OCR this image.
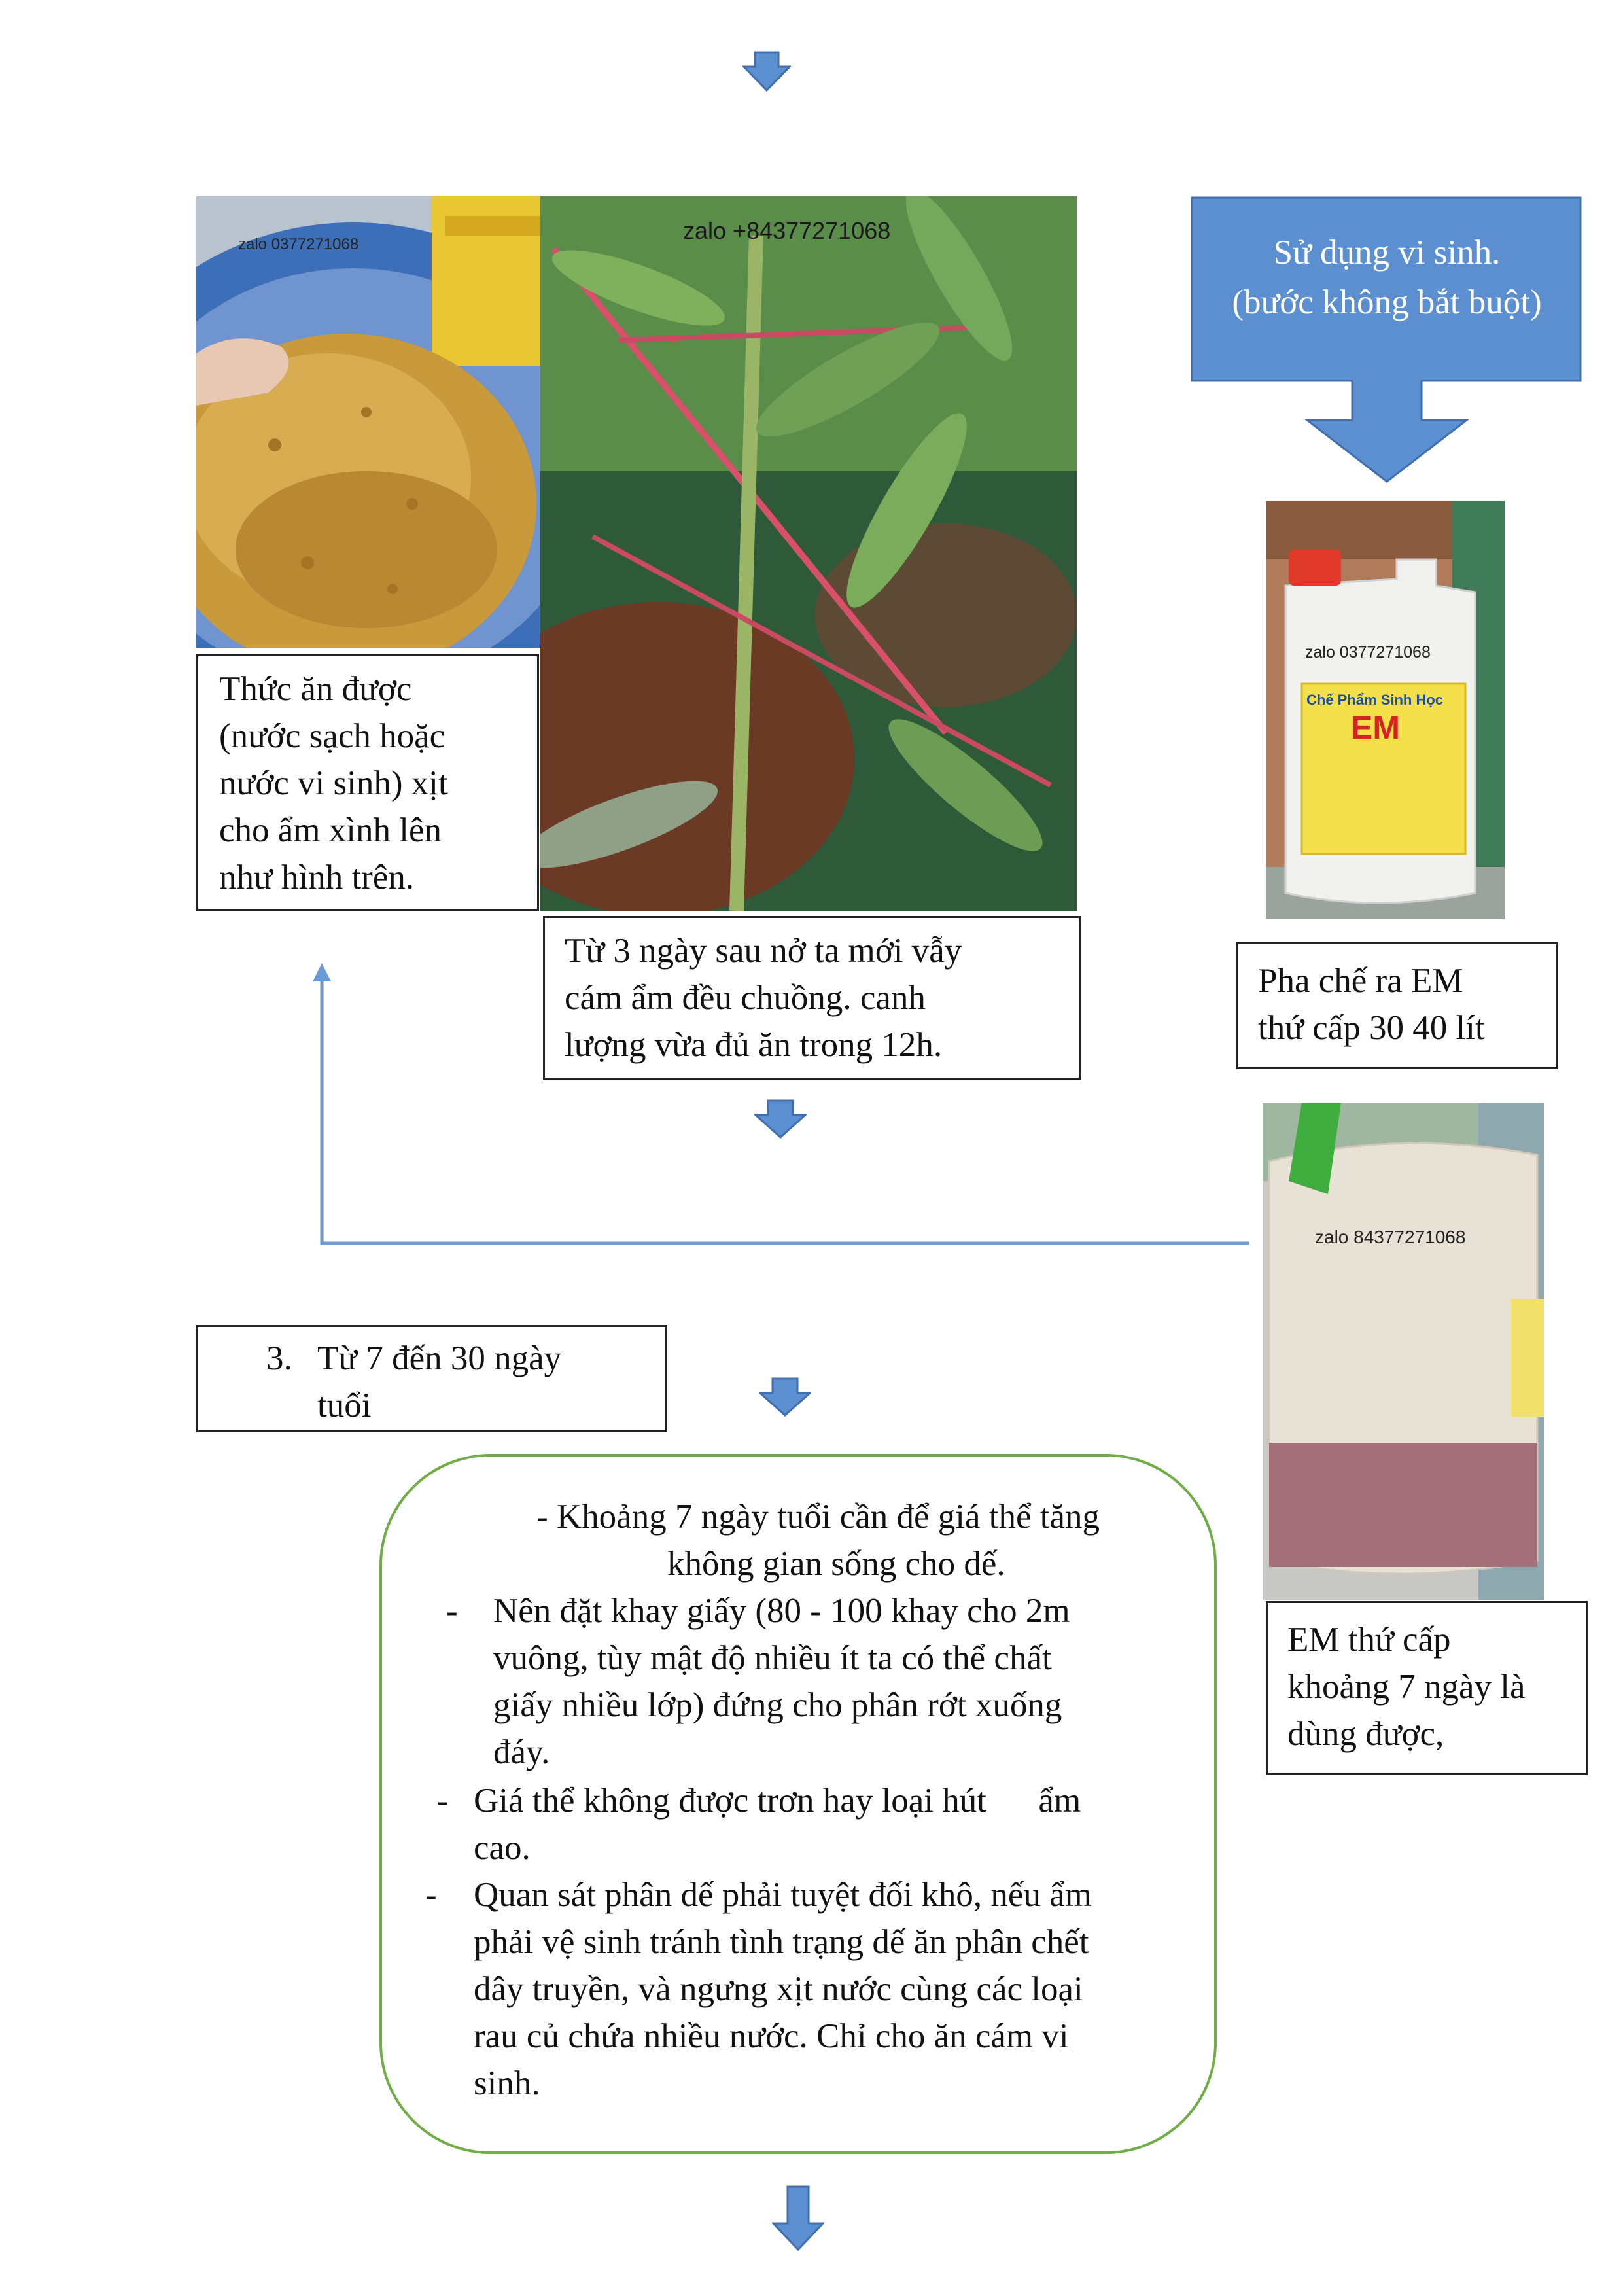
zalo 0377271068
zalo +84377271068
Thức ăn được
(nước sạch hoặc
nước vi sinh) xịt
cho ẩm xình lên
như hình trên.
Từ 3 ngày sau nở ta mới vẫy
cám ẩm đều chuồng. canh
lượng vừa đủ ăn trong 12h.
Sử dụng vi sinh.
(bước không bắt buột)
zalo 0377271068
Chế Phẩm Sinh Học
EM
Pha chế ra EM
thứ cấp 30 40 lít
zalo 84377271068
EM thứ cấp
khoảng 7 ngày là
dùng được,
3. Từ 7 đến 30 ngày
tuổi
- Khoảng 7 ngày tuổi cần để giá thể tăng
không gian sống cho dế.
- Nên đặt khay giấy (80 - 100 khay cho 2m
vuông, tùy mật độ nhiều ít ta có thể chất
giấy nhiều lớp) đứng cho phân rớt xuống
đáy.
- Giá thể không được trơn hay loại hút      ẩm
cao.
- Quan sát phân dế phải tuyệt đối khô, nếu ẩm
phải vệ sinh tránh tình trạng dế ăn phân chết
dây truyền, và ngưng xịt nước cùng các loại
rau củ chứa nhiều nước. Chỉ cho ăn cám vi
sinh.
